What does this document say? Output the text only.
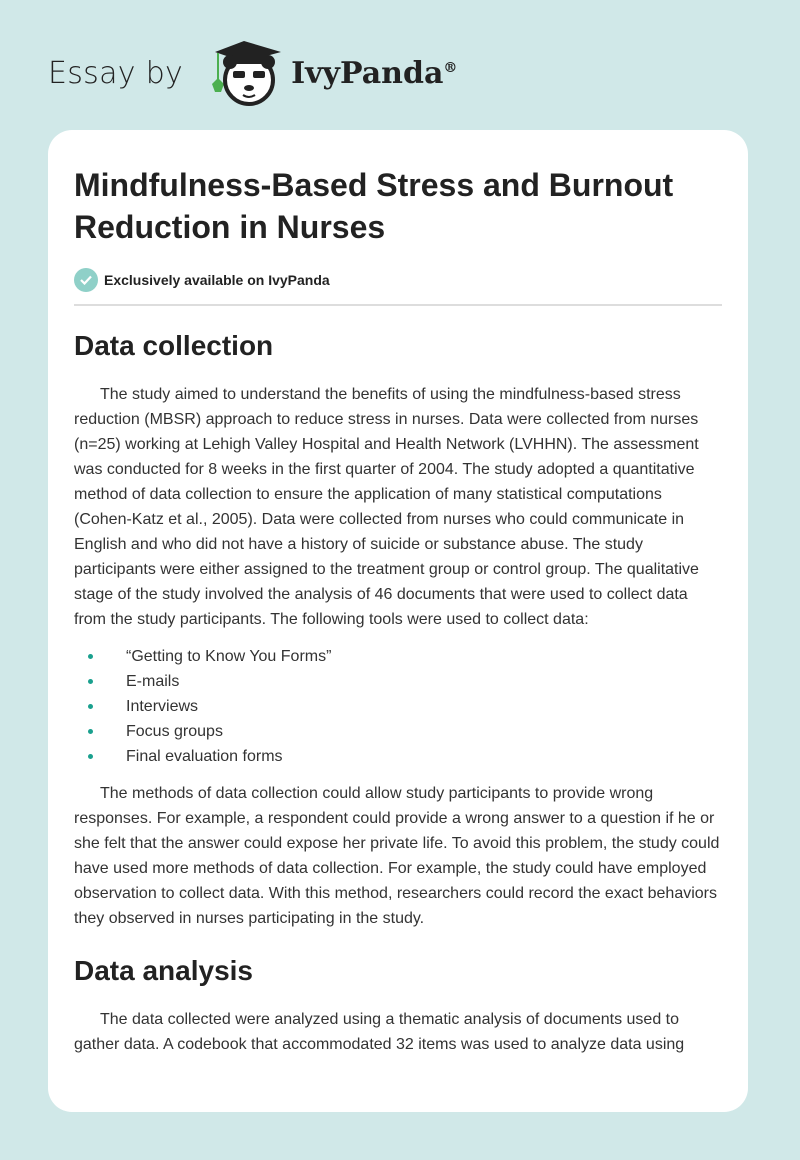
Essay by	IvyPanda®
Mindfulness-Based Stress and Burnout Reduction in Nurses
Exclusively available on IvyPanda
Data collection

The study aimed to understand the benefits of using the mindfulness-based stress reduction (MBSR) approach to reduce stress in nurses. Data were collected from nurses (n=25) working at Lehigh Valley Hospital and Health Network (LVHHN). The assessment was conducted for 8 weeks in the first quarter of 2004. The study adopted a quantitative method of data collection to ensure the application of many statistical computations (Cohen-Katz et al., 2005). Data were collected from nurses who could communicate in English and who did not have a history of suicide or substance abuse. The study participants were either assigned to the treatment group or control group. The qualitative stage of the study involved the analysis of 46 documents that were used to collect data from the study participants. The following tools were used to collect data:

“Getting to Know You Forms”
E-mails
Interviews
Focus groups
Final evaluation forms

The methods of data collection could allow study participants to provide wrong responses. For example, a respondent could provide a wrong answer to a question if he or she felt that the answer could expose her private life. To avoid this problem, the study could have used more methods of data collection. For example, the study could have employed observation to collect data. With this method, researchers could record the exact behaviors they observed in nurses participating in the study.

Data analysis

The data collected were analyzed using a thematic analysis of documents used to gather data. A codebook that accommodated 32 items was used to analyze data using
